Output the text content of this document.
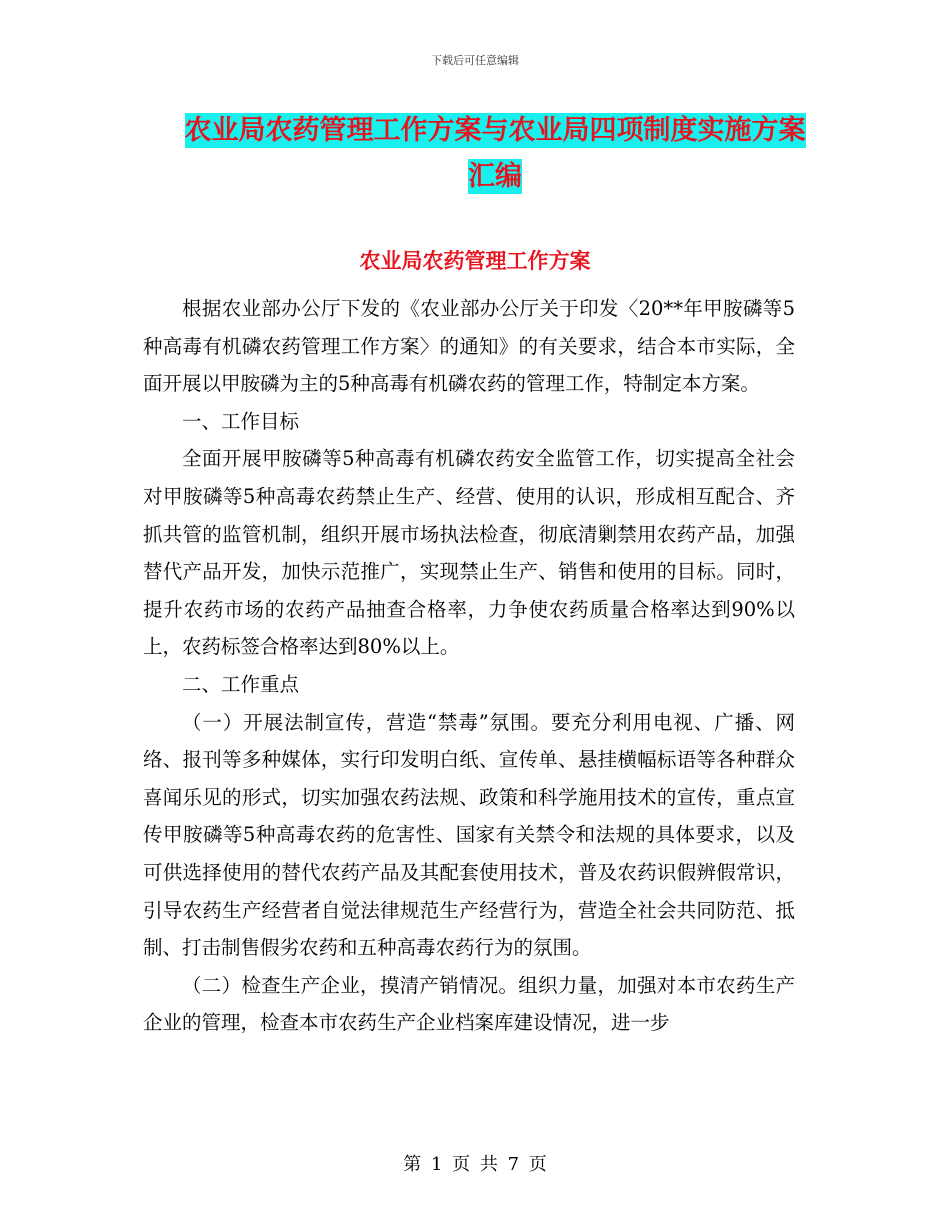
下载后可任意编辑
农业局农药管理工作方案与农业局四项制度实施方案
汇编
农业局农药管理工作方案

根据农业部办公厅下发的《农业部办公厅关于印发〈20**年甲胺磷等5种高毒有机磷农药管理工作方案〉的通知》的有关要求，结合本市实际，全面开展以甲胺磷为主的5种高毒有机磷农药的管理工作，特制定本方案。

一、工作目标

全面开展甲胺磷等5种高毒有机磷农药安全监管工作，切实提高全社会对甲胺磷等5种高毒农药禁止生产、经营、使用的认识，形成相互配合、齐抓共管的监管机制，组织开展市场执法检查，彻底清剿禁用农药产品，加强替代产品开发，加快示范推广，实现禁止生产、销售和使用的目标。同时，提升农药市场的农药产品抽查合格率，力争使农药质量合格率达到90%以上，农药标签合格率达到80%以上。

二、工作重点

（一）开展法制宣传，营造“禁毒”氛围。要充分利用电视、广播、网络、报刊等多种媒体，实行印发明白纸、宣传单、悬挂横幅标语等各种群众喜闻乐见的形式，切实加强农药法规、政策和科学施用技术的宣传，重点宣传甲胺磷等5种高毒农药的危害性、国家有关禁令和法规的具体要求，以及可供选择使用的替代农药产品及其配套使用技术，普及农药识假辨假常识，引导农药生产经营者自觉法律规范生产经营行为，营造全社会共同防范、抵制、打击制售假劣农药和五种高毒农药行为的氛围。

（二）检查生产企业，摸清产销情况。组织力量，加强对本市农药生产企业的管理，检查本市农药生产企业档案库建设情况，进一步

第 1 页 共 7 页
